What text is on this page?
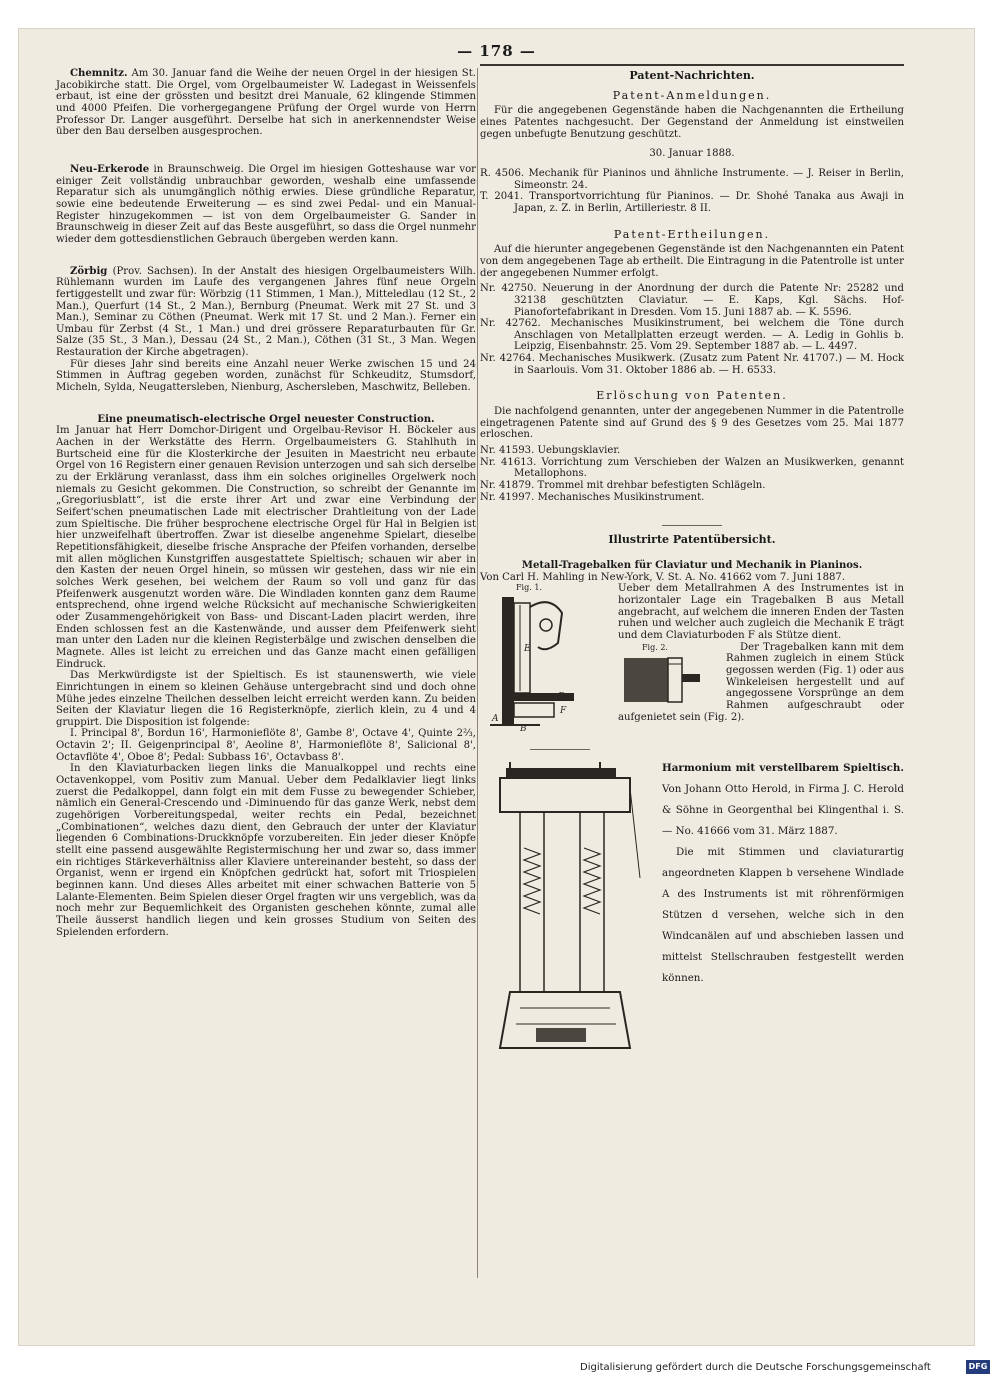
— 178 —

Chemnitz. Am 30. Januar fand die Weihe der neuen Orgel in der hiesigen St. Jacobikirche statt. Die Orgel, vom Orgelbaumeister W. Ladegast in Weissenfels erbaut, ist eine der grössten und besitzt drei Manuale, 62 klingende Stimmen und 4000 Pfeifen. Die vorhergegangene Prüfung der Orgel wurde von Herrn Professor Dr. Langer ausgeführt. Derselbe hat sich in anerkennendster Weise über den Bau derselben ausgesprochen.

Neu-Erkerode in Braunschweig. Die Orgel im hiesigen Gotteshause war vor einiger Zeit vollständig unbrauchbar geworden, weshalb eine umfassende Reparatur sich als unumgänglich nöthig erwies. Diese gründliche Reparatur, sowie eine bedeutende Erweiterung — es sind zwei Pedal- und ein Manual-Register hinzugekommen — ist von dem Orgelbaumeister G. Sander in Braunschweig in dieser Zeit auf das Beste ausgeführt, so dass die Orgel nunmehr wieder dem gottesdienstlichen Gebrauch übergeben werden kann.

Zörbig (Prov. Sachsen). In der Anstalt des hiesigen Orgelbaumeisters Wilh. Rühlemann wurden im Laufe des vergangenen Jahres fünf neue Orgeln fertiggestellt und zwar für: Wörbzig (11 Stimmen, 1 Man.), Mitteledlau (12 St., 2 Man.), Querfurt (14 St., 2 Man.), Bernburg (Pneumat. Werk mit 27 St. und 3 Man.), Seminar zu Cöthen (Pneumat. Werk mit 17 St. und 2 Man.). Ferner ein Umbau für Zerbst (4 St., 1 Man.) und drei grössere Reparaturbauten für Gr. Salze (35 St., 3 Man.), Dessau (24 St., 2 Man.), Cöthen (31 St., 3 Man. Wegen Restauration der Kirche abgetragen).

Für dieses Jahr sind bereits eine Anzahl neuer Werke zwischen 15 und 24 Stimmen in Auftrag gegeben worden, zunächst für Schkeuditz, Stumsdorf, Micheln, Sylda, Neugattersleben, Nienburg, Aschersleben, Maschwitz, Belleben.

Eine pneumatisch-electrische Orgel neuester Construction.

Im Januar hat Herr Domchor-Dirigent und Orgelbau-Revisor H. Böckeler aus Aachen in der Werkstätte des Herrn. Orgelbaumeisters G. Stahlhuth in Burtscheid eine für die Klosterkirche der Jesuiten in Maestricht neu erbaute Orgel von 16 Registern einer genauen Revision unterzogen und sah sich derselbe zu der Erklärung veranlasst, dass ihm ein solches originelles Orgelwerk noch niemals zu Gesicht gekommen. Die Construction, so schreibt der Genannte im „Gregoriusblatt“, ist die erste ihrer Art und zwar eine Verbindung der Seifert'schen pneumatischen Lade mit electrischer Drahtleitung von der Lade zum Spieltische. Die früher besprochene electrische Orgel für Hal in Belgien ist hier unzweifelhaft übertroffen. Zwar ist dieselbe angenehme Spielart, dieselbe Repetitionsfähigkeit, dieselbe frische Ansprache der Pfeifen vorhanden, derselbe mit allen möglichen Kunstgriffen ausgestattete Spieltisch; schauen wir aber in den Kasten der neuen Orgel hinein, so müssen wir gestehen, dass wir nie ein solches Werk gesehen, bei welchem der Raum so voll und ganz für das Pfeifenwerk ausgenutzt worden wäre. Die Windladen konnten ganz dem Raume entsprechend, ohne irgend welche Rücksicht auf mechanische Schwierigkeiten oder Zusammengehörigkeit von Bass- und Discant-Laden placirt werden, ihre Enden schlossen fest an die Kastenwände, und ausser dem Pfeifenwerk sieht man unter den Laden nur die kleinen Registerbälge und zwischen denselben die Magnete. Alles ist leicht zu erreichen und das Ganze macht einen gefälligen Eindruck.

Das Merkwürdigste ist der Spieltisch. Es ist staunenswerth, wie viele Einrichtungen in einem so kleinen Gehäuse untergebracht sind und doch ohne Mühe jedes einzelne Theilchen desselben leicht erreicht werden kann. Zu beiden Seiten der Klaviatur liegen die 16 Registerknöpfe, zierlich klein, zu 4 und 4 gruppirt. Die Disposition ist folgende:

I. Principal 8', Bordun 16', Harmonieflöte 8', Gambe 8', Octave 4', Quinte 2⅔, Octavin 2'; II. Geigenprincipal 8', Aeoline 8', Harmonieflöte 8', Salicional 8', Octavflöte 4', Oboe 8'; Pedal: Subbass 16', Octavbass 8'.

In den Klaviaturbacken liegen links die Manualkoppel und rechts eine Octavenkoppel, vom Positiv zum Manual. Ueber dem Pedalklavier liegt links zuerst die Pedalkoppel, dann folgt ein mit dem Fusse zu bewegender Schieber, nämlich ein General-Crescendo und -Diminuendo für das ganze Werk, nebst dem zugehörigen Vorbereitungspedal, weiter rechts ein Pedal, bezeichnet „Combinationen“, welches dazu dient, den Gebrauch der unter der Klaviatur liegenden 6 Combinations-Druckknöpfe vorzubereiten. Ein jeder dieser Knöpfe stellt eine passend ausgewählte Registermischung her und zwar so, dass immer ein richtiges Stärkeverhältniss aller Klaviere untereinander besteht, so dass der Organist, wenn er irgend ein Knöpfchen gedrückt hat, sofort mit Triospielen beginnen kann. Und dieses Alles arbeitet mit einer schwachen Batterie von 5 Lalante-Elementen. Beim Spielen dieser Orgel fragten wir uns vergeblich, was da noch mehr zur Bequemlichkeit des Organisten geschehen könnte, zumal alle Theile äusserst handlich liegen und kein grosses Studium von Seiten des Spielenden erfordern.

Patent-Nachrichten.
Patent-Anmeldungen.

Für die angegebenen Gegenstände haben die Nachgenannten die Ertheilung eines Patentes nachgesucht. Der Gegenstand der Anmeldung ist einstweilen gegen unbefugte Benutzung geschützt.

30. Januar 1888.

R. 4506. Mechanik für Pianinos und ähnliche Instrumente. — J. Reiser in Berlin, Simeonstr. 24.

T. 2041. Transportvorrichtung für Pianinos. — Dr. Shohé Tanaka aus Awaji in Japan, z. Z. in Berlin, Artilleriestr. 8 II.

Patent-Ertheilungen.

Auf die hierunter angegebenen Gegenstände ist den Nachgenannten ein Patent von dem angegebenen Tage ab ertheilt. Die Eintragung in die Patentrolle ist unter der angegebenen Nummer erfolgt.

Nr. 42750. Neuerung in der Anordnung der durch die Patente Nr: 25282 und 32138 geschützten Claviatur. — E. Kaps, Kgl. Sächs. Hof-Pianofortefabrikant in Dresden. Vom 15. Juni 1887 ab. — K. 5596.

Nr. 42762. Mechanisches Musikinstrument, bei welchem die Töne durch Anschlagen von Metallplatten erzeugt werden. — A. Ledig in Gohlis b. Leipzig, Eisenbahnstr. 25. Vom 29. September 1887 ab. — L. 4497.

Nr. 42764. Mechanisches Musikwerk. (Zusatz zum Patent Nr. 41707.) — M. Hock in Saarlouis. Vom 31. Oktober 1886 ab. — H. 6533.

Erlöschung von Patenten.

Die nachfolgend genannten, unter der angegebenen Nummer in die Patentrolle eingetragenen Patente sind auf Grund des § 9 des Gesetzes vom 25. Mai 1877 erloschen.

Nr. 41593. Uebungsklavier.

Nr. 41613. Vorrichtung zum Verschieben der Walzen an Musikwerken, genannt Metallophons.

Nr. 41879. Trommel mit drehbar befestigten Schlägeln.

Nr. 41997. Mechanisches Musikinstrument.

Illustrirte Patentübersicht.

Metall-Tragebalken für Claviatur und Mechanik in Pianinos.

Von Carl H. Mahling in New-York, V. St. A. No. 41662 vom 7. Juni 1887.

Fig. 1.
E
D
F
A
B

Ueber dem Metallrahmen A des Instrumentes ist in horizontaler Lage ein Tragebalken B aus Metall angebracht, auf welchem die inneren Enden der Tasten ruhen und welcher auch zugleich die Mechanik E trägt und dem Claviaturboden F als Stütze dient.

Fig. 2.	Der Tragebalken kann mit dem Rahmen zugleich in einem Stück gegossen werden (Fig. 1) oder aus Winkeleisen hergestellt und auf angegossene Vorsprünge an dem Rahmen aufgeschraubt oder aufgenietet sein (Fig. 2).

Harmonium mit verstellbarem Spieltisch. Von Johann Otto Herold, in Firma J. C. Herold & Söhne in Georgenthal bei Klingenthal i. S. — No. 41666 vom 31. März 1887.

Die mit Stimmen und claviaturartig angeordneten Klappen b versehene Windlade A des Instruments ist mit röhrenförmigen Stützen d versehen, welche sich in den Windcanälen auf und abschieben lassen und mittelst Stellschrauben festgestellt werden können.

Digitalisierung gefördert durch die Deutsche Forschungsgemeinschaft	DFG
